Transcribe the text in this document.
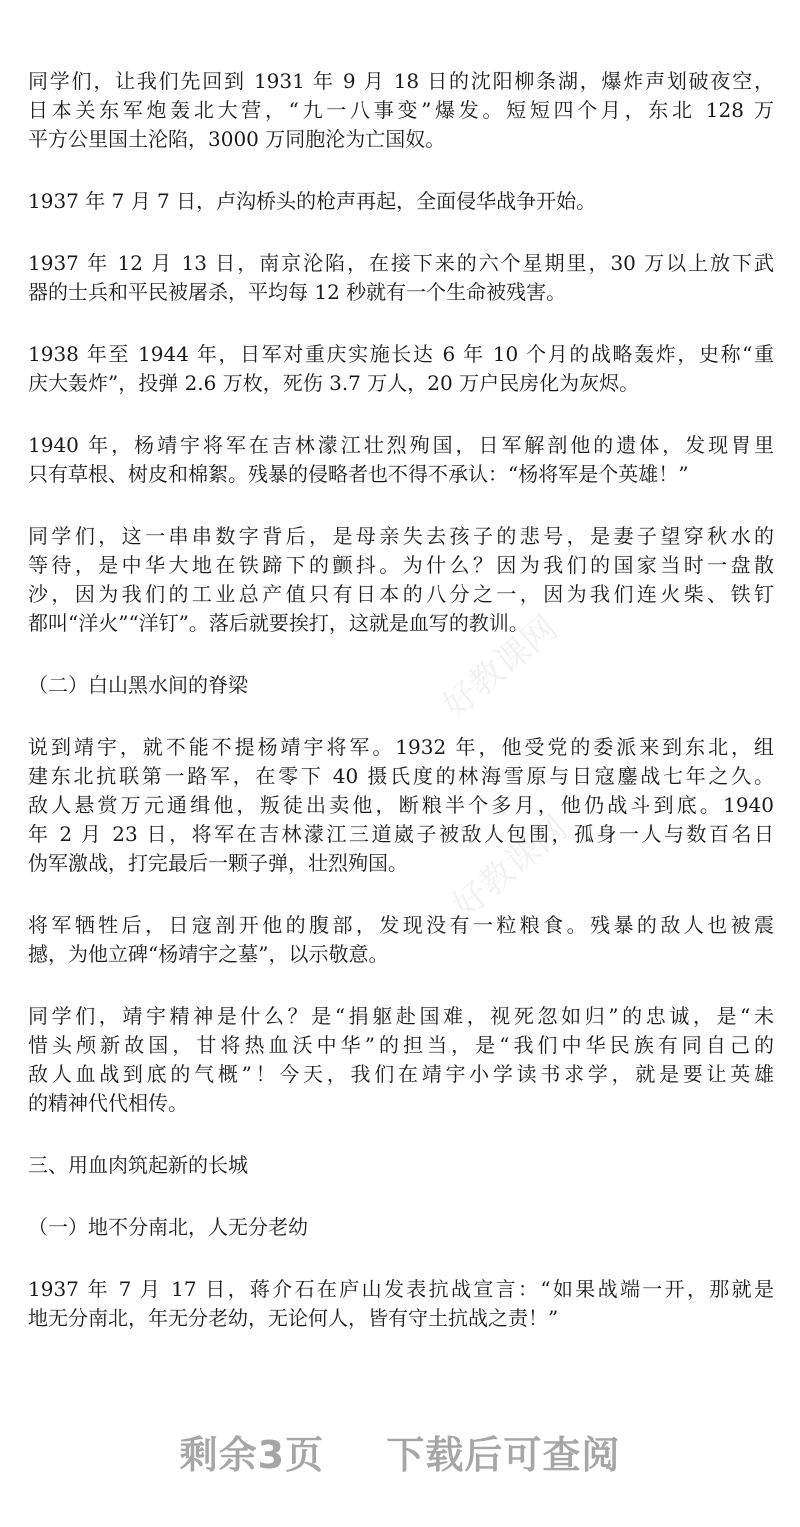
好教课网
好教课网
同学们，让我们先回到 1931 年 9 月 18 日的沈阳柳条湖，爆炸声划破夜空，
日本关东军炮轰北大营，“九一八事变”爆发。短短四个月，东北 128 万
平方公里国土沦陷，3000 万同胞沦为亡国奴。
1937 年 7 月 7 日，卢沟桥头的枪声再起，全面侵华战争开始。
1937 年 12 月 13 日，南京沦陷，在接下来的六个星期里，30 万以上放下武
器的士兵和平民被屠杀，平均每 12 秒就有一个生命被残害。
1938 年至 1944 年，日军对重庆实施长达 6 年 10 个月的战略轰炸，史称“重
庆大轰炸”，投弹 2.6 万枚，死伤 3.7 万人，20 万户民房化为灰烬。
1940 年，杨靖宇将军在吉林濛江壮烈殉国，日军解剖他的遗体，发现胃里
只有草根、树皮和棉絮。残暴的侵略者也不得不承认：“杨将军是个英雄！”
同学们，这一串串数字背后，是母亲失去孩子的悲号，是妻子望穿秋水的
等待，是中华大地在铁蹄下的颤抖。为什么？因为我们的国家当时一盘散
沙，因为我们的工业总产值只有日本的八分之一，因为我们连火柴、铁钉
都叫“洋火”“洋钉”。落后就要挨打，这就是血写的教训。
（二）白山黑水间的脊梁
说到靖宇，就不能不提杨靖宇将军。1932 年，他受党的委派来到东北，组
建东北抗联第一路军，在零下 40 摄氏度的林海雪原与日寇鏖战七年之久。
敌人悬赏万元通缉他，叛徒出卖他，断粮半个多月，他仍战斗到底。1940
年 2 月 23 日，将军在吉林濛江三道崴子被敌人包围，孤身一人与数百名日
伪军激战，打完最后一颗子弹，壮烈殉国。
将军牺牲后，日寇剖开他的腹部，发现没有一粒粮食。残暴的敌人也被震
撼，为他立碑“杨靖宇之墓”，以示敬意。
同学们，靖宇精神是什么？是“捐躯赴国难，视死忽如归”的忠诚，是“未
惜头颅新故国，甘将热血沃中华”的担当，是“我们中华民族有同自己的
敌人血战到底的气概”！今天，我们在靖宇小学读书求学，就是要让英雄
的精神代代相传。
三、用血肉筑起新的长城
（一）地不分南北，人无分老幼
1937 年 7 月 17 日，蒋介石在庐山发表抗战宣言：“如果战端一开，那就是
地无分南北，年无分老幼，无论何人，皆有守土抗战之责！”
剩余3页 下载后可查阅
